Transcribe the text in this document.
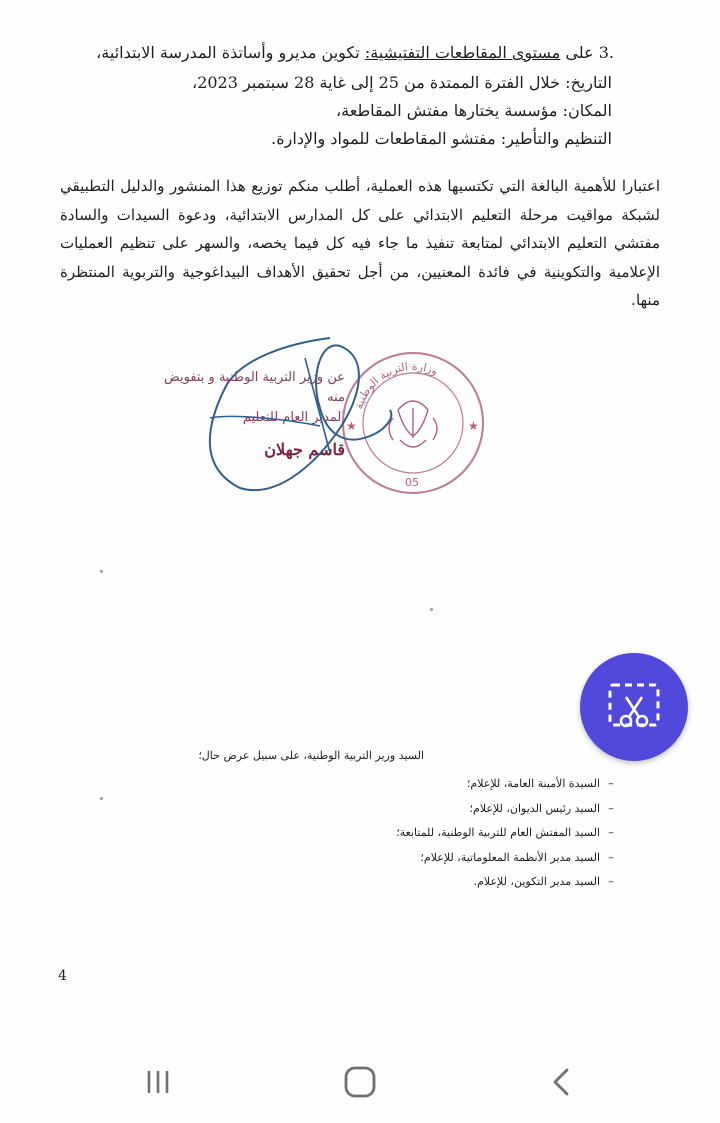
.3 على مستوى المقاطعات التفتيشية: تكوين مديرو وأساتذة المدرسة الابتدائية،
التاريخ: خلال الفترة الممتدة من 25 إلى غاية 28 سبتمبر 2023،
المكان: مؤسسة يختارها مفتش المقاطعة،
التنظيم والتأطير: مفتشو المقاطعات للمواد والإدارة.
اعتبارا للأهمية البالغة التي تكتسيها هذه العملية، أطلب منكم توزيع هذا المنشور والدليل التطبيقي لشبكة مواقيت مرحلة التعليم الابتدائي على كل المدارس الابتدائية، ودعوة السيدات والسادة مفتشي التعليم الابتدائي لمتابعة تنفيذ ما جاء فيه كل فيما يخصه، والسهر على تنظيم العمليات الإعلامية والتكوينية في فائدة المعنيين، من أجل تحقيق الأهداف البيداغوجية والتربوية المنتظرة منها.
عن وزير التربية الوطنية و بتفويض منه
المدير العام للتعليم
قاسم جهلان
وزارة التربية الوطنية
★	★
05
السيد وزير التربية الوطنية، على سبيل عرض حال؛
–السيدة الأمينة العامة، للإعلام؛
–السيد رئيس الديوان، للإعلام؛
–السيد المفتش العام للتربية الوطنية، للمتابعة؛
–السيد مدير الأنظمة المعلوماتية، للإعلام؛
–السيد مدير التكوين، للإعلام.
4
